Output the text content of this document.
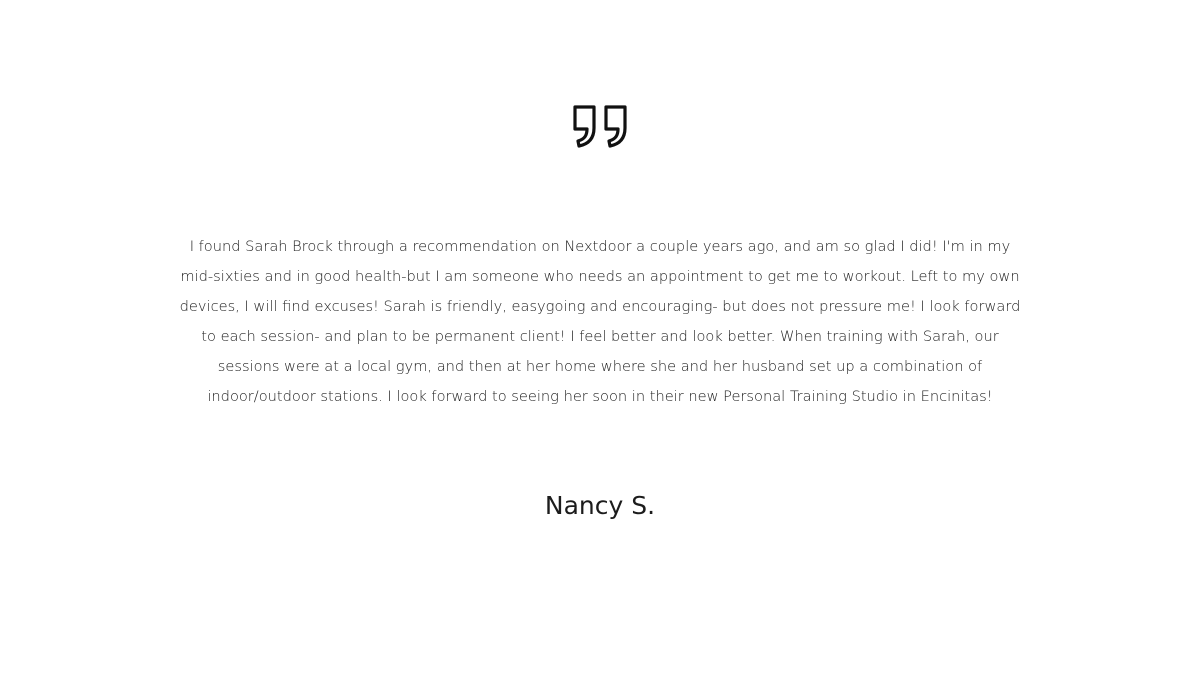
I found Sarah Brock through a recommendation on Nextdoor a couple years ago, and am so glad I did! I'm in my mid-sixties and in good health-but I am someone who needs an appointment to get me to workout. Left to my own devices, I will find excuses! Sarah is friendly, easygoing and encouraging- but does not pressure me! I look forward to each session- and plan to be permanent client! I feel better and look better. When training with Sarah, our sessions were at a local gym, and then at her home where she and her husband set up a combination of indoor/outdoor stations. I look forward to seeing her soon in their new Personal Training Studio in Encinitas!

Nancy S.
